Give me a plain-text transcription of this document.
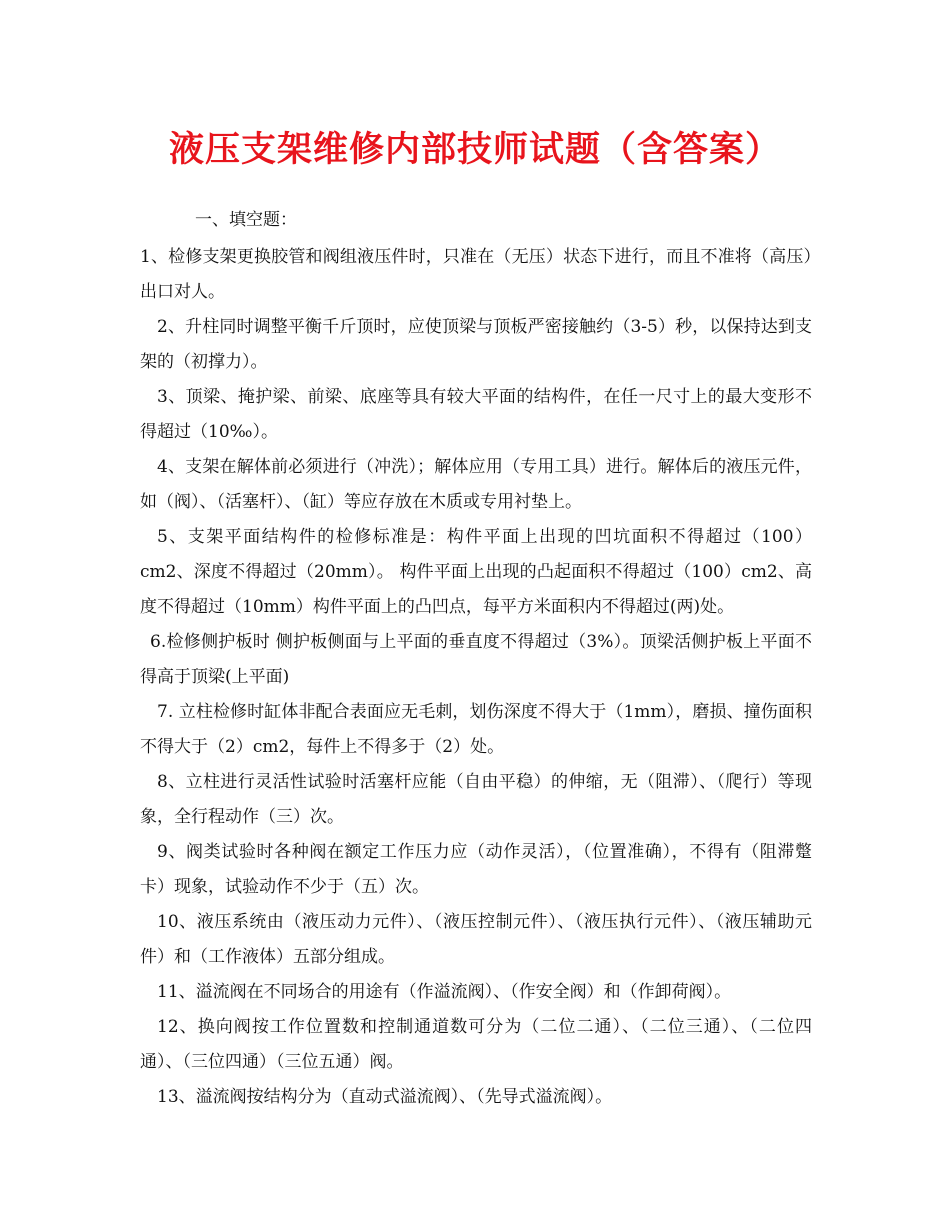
液压支架维修内部技师试题（含答案）
一、填空题：

1、检修支架更换胶管和阀组液压件时，只准在（无压）状态下进行，而且不准将（高压）出口对人。

2、升柱同时调整平衡千斤顶时，应使顶梁与顶板严密接触约（3-5）秒，以保持达到支架的（初撑力）。

3、顶梁、掩护梁、前梁、底座等具有较大平面的结构件，在任一尺寸上的最大变形不得超过（10‰）。

4、支架在解体前必须进行（冲洗）；解体应用（专用工具）进行。解体后的液压元件，如（阀）、（活塞杆）、（缸）等应存放在木质或专用衬垫上。

5、支架平面结构件的检修标准是：构件平面上出现的凹坑面积不得超过（100）cm2、深度不得超过（20mm）。 构件平面上出现的凸起面积不得超过（100）cm2、高度不得超过（10mm）构件平面上的凸凹点，每平方米面积内不得超过(两)处。

6.检修侧护板时 侧护板侧面与上平面的垂直度不得超过（3%）。顶梁活侧护板上平面不得高于顶梁(上平面)

7. 立柱检修时缸体非配合表面应无毛刺，划伤深度不得大于（1mm），磨损、撞伤面积不得大于（2）cm2，每件上不得多于（2）处。

8、立柱进行灵活性试验时活塞杆应能（自由平稳）的伸缩，无（阻滞）、（爬行）等现象，全行程动作（三）次。

9、阀类试验时各种阀在额定工作压力应（动作灵活），（位置准确），不得有（阻滞蹩卡）现象，试验动作不少于（五）次。

10、液压系统由（液压动力元件）、（液压控制元件）、（液压执行元件）、（液压辅助元件）和（工作液体）五部分组成。

11、溢流阀在不同场合的用途有（作溢流阀）、（作安全阀）和（作卸荷阀）。

12、换向阀按工作位置数和控制通道数可分为（二位二通）、（二位三通）、（二位四通）、（三位四通）（三位五通）阀。

13、溢流阀按结构分为（直动式溢流阀）、（先导式溢流阀）。
